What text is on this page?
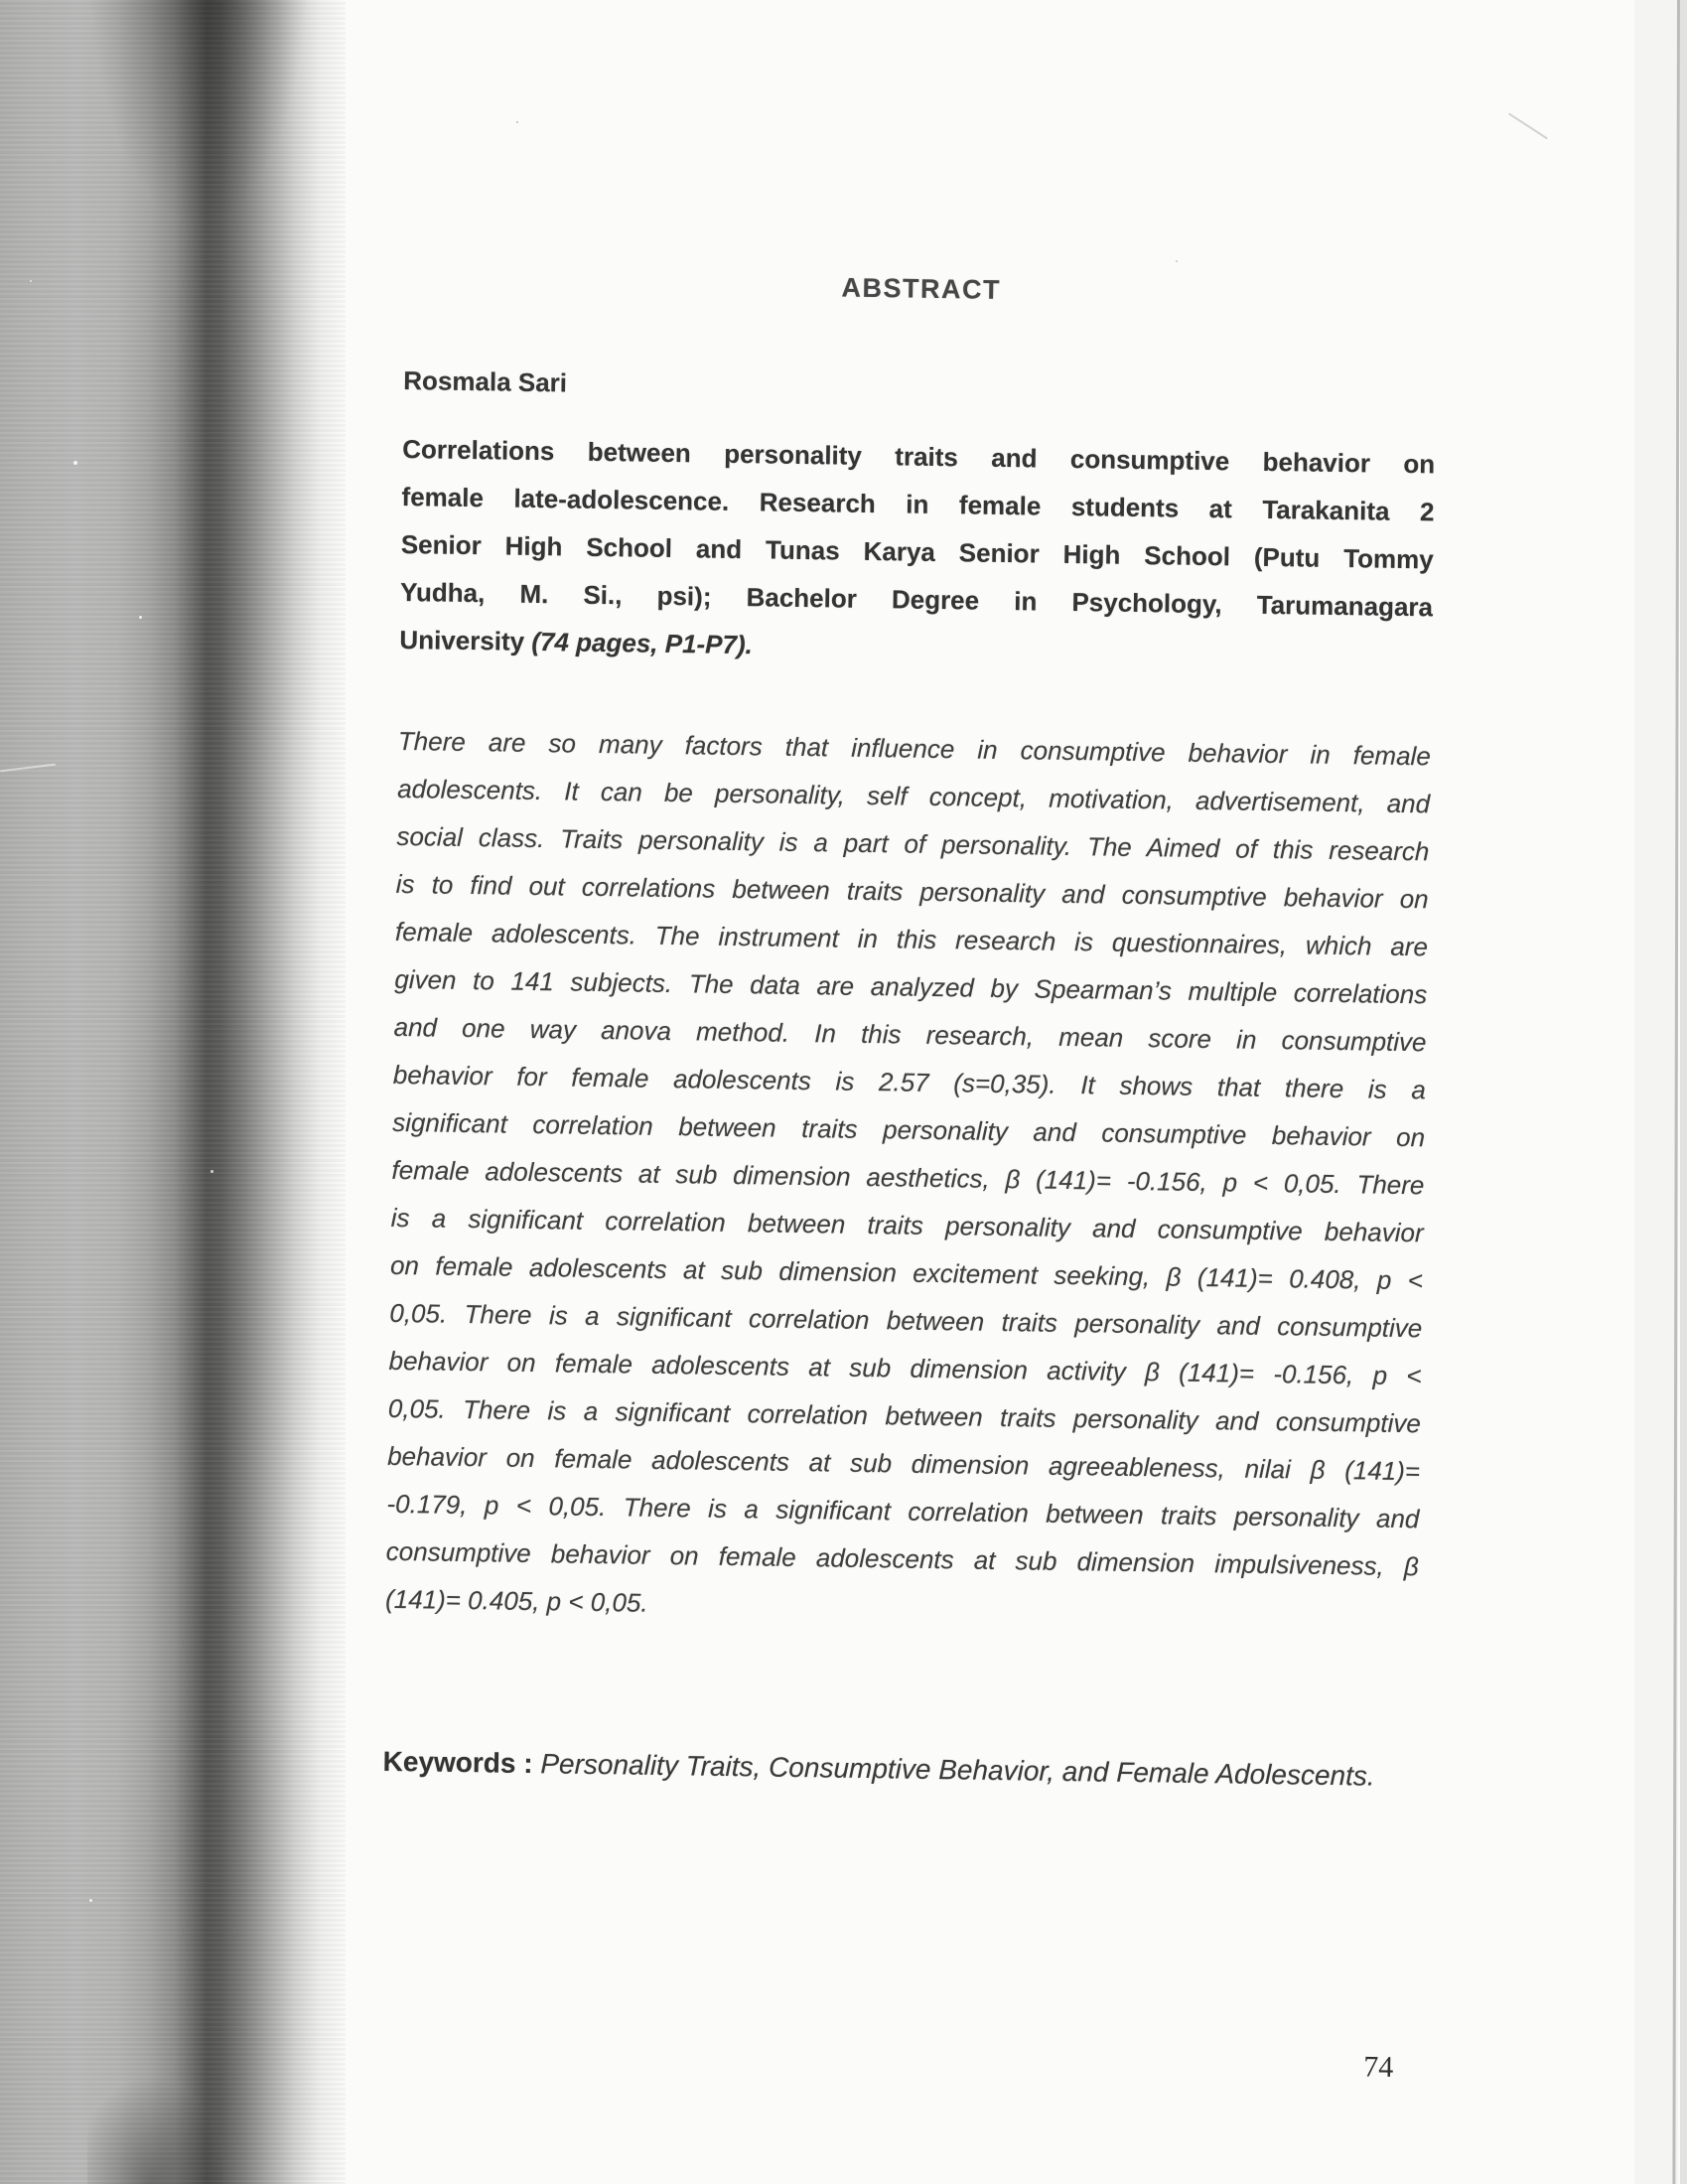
ABSTRACT
Rosmala Sari
Correlations between personality traits and consumptive behavior on
female late-adolescence. Research in female students at Tarakanita 2
Senior High School and Tunas Karya Senior High School (Putu Tommy
Yudha, M. Si., psi); Bachelor Degree in Psychology, Tarumanagara
University (74 pages, P1-P7).
There are so many factors that influence in consumptive behavior in female
adolescents. It can be personality, self concept, motivation, advertisement, and
social class. Traits personality is a part of personality. The Aimed of this research
is to find out correlations between traits personality and consumptive behavior on
female adolescents. The instrument in this research is questionnaires, which are
given to 141 subjects. The data are analyzed by Spearman’s multiple correlations
and one way anova method. In this research, mean score in consumptive
behavior for female adolescents is 2.57 (s=0,35). It shows that there is a
significant correlation between traits personality and consumptive behavior on
female adolescents at sub dimension aesthetics, β (141)= -0.156, p < 0,05. There
is a significant correlation between traits personality and consumptive behavior
on female adolescents at sub dimension excitement seeking, β (141)= 0.408, p <
0,05. There is a significant correlation between traits personality and consumptive
behavior on female adolescents at sub dimension activity β (141)= -0.156, p <
0,05. There is a significant correlation between traits personality and consumptive
behavior on female adolescents at sub dimension agreeableness, nilai β (141)=
-0.179, p < 0,05. There is a significant correlation between traits personality and
consumptive behavior on female adolescents at sub dimension impulsiveness, β
(141)= 0.405, p < 0,05.
Keywords : Personality Traits, Consumptive Behavior, and Female Adolescents.
74
